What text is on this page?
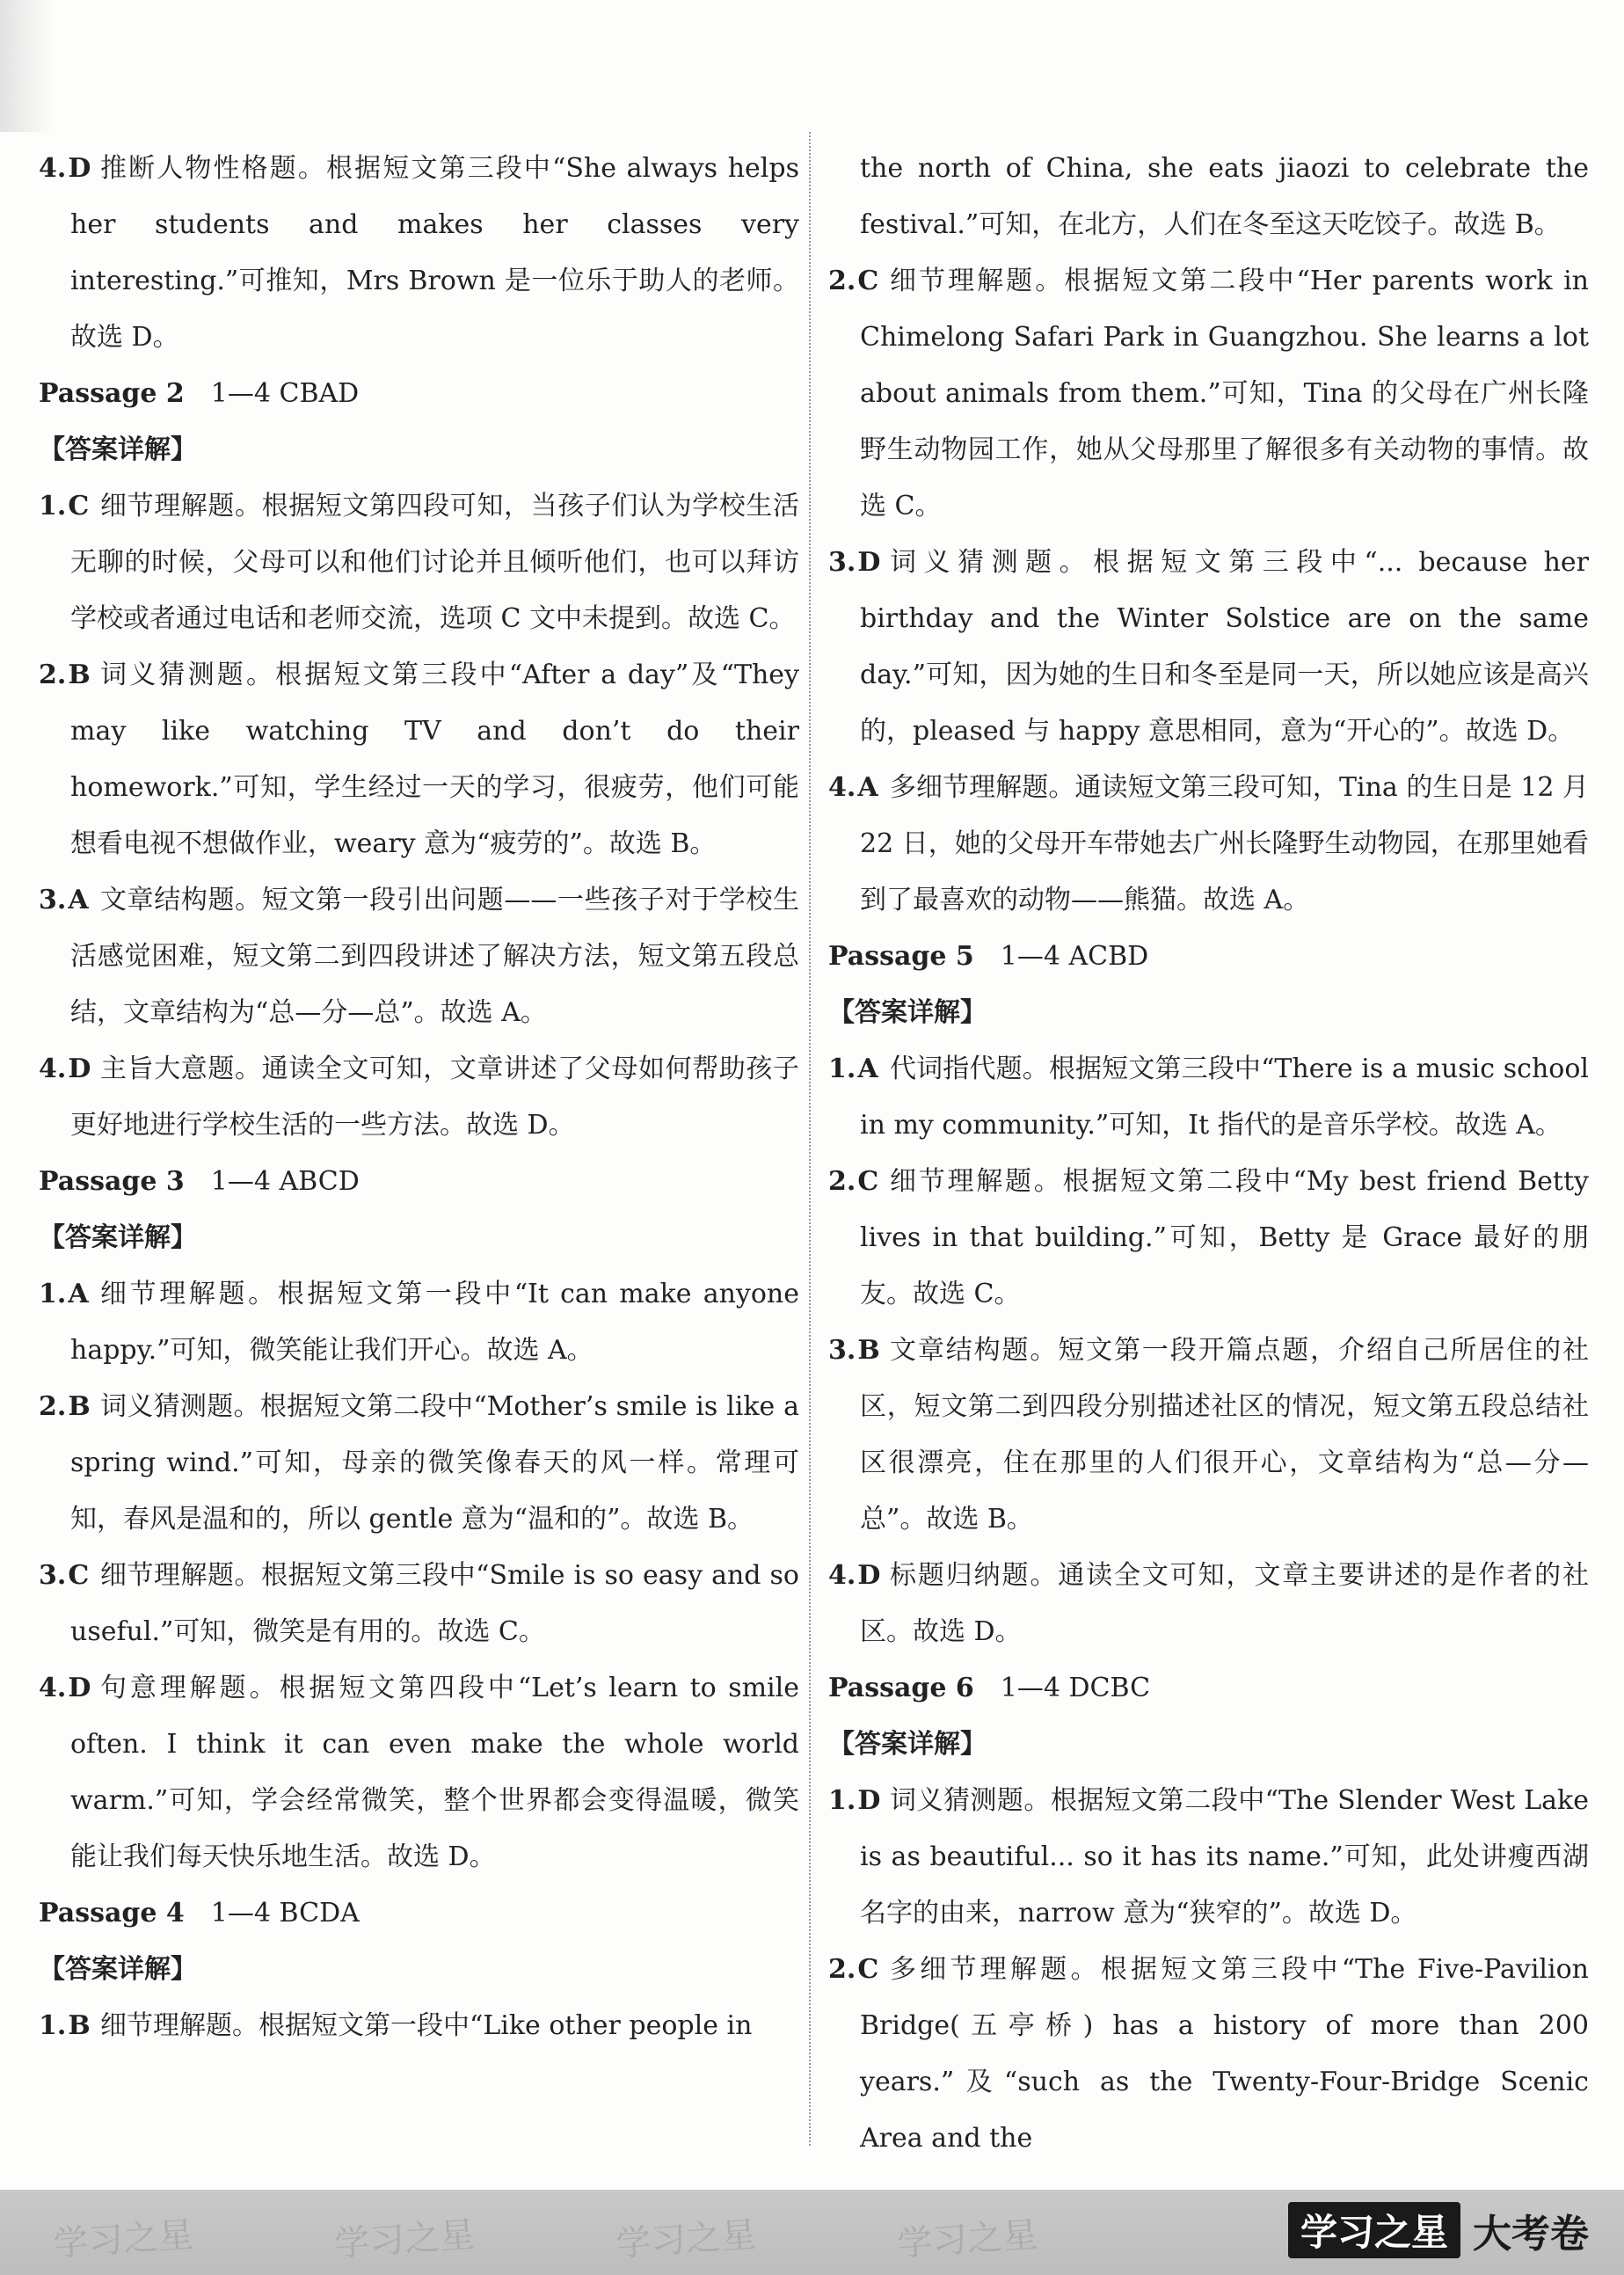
4.D 推断人物性格题。根据短文第三段中“She always helps her students and makes her classes very interesting.”可推知，Mrs Brown 是一位乐于助人的老师。故选 D。
Passage 2 1—4 CBAD
【答案详解】
1.C 细节理解题。根据短文第四段可知，当孩子们认为学校生活无聊的时候，父母可以和他们讨论并且倾听他们，也可以拜访学校或者通过电话和老师交流，选项 C 文中未提到。故选 C。
2.B 词义猜测题。根据短文第三段中“After a day”及“They may like watching TV and don’t do their homework.”可知，学生经过一天的学习，很疲劳，他们可能想看电视不想做作业，weary 意为“疲劳的”。故选 B。
3.A 文章结构题。短文第一段引出问题——一些孩子对于学校生活感觉困难，短文第二到四段讲述了解决方法，短文第五段总结，文章结构为“总—分—总”。故选 A。
4.D 主旨大意题。通读全文可知，文章讲述了父母如何帮助孩子更好地进行学校生活的一些方法。故选 D。
Passage 3 1—4 ABCD
【答案详解】
1.A 细节理解题。根据短文第一段中“It can make anyone happy.”可知，微笑能让我们开心。故选 A。
2.B 词义猜测题。根据短文第二段中“Mother’s smile is like a spring wind.”可知，母亲的微笑像春天的风一样。常理可知，春风是温和的，所以 gentle 意为“温和的”。故选 B。
3.C 细节理解题。根据短文第三段中“Smile is so easy and so useful.”可知，微笑是有用的。故选 C。
4.D 句意理解题。根据短文第四段中“Let’s learn to smile often. I think it can even make the whole world warm.”可知，学会经常微笑，整个世界都会变得温暖，微笑能让我们每天快乐地生活。故选 D。
Passage 4 1—4 BCDA
【答案详解】
1.B 细节理解题。根据短文第一段中“Like other people in
the north of China, she eats jiaozi to celebrate the festival.”可知，在北方，人们在冬至这天吃饺子。故选 B。
2.C 细节理解题。根据短文第二段中“Her parents work in Chimelong Safari Park in Guangzhou. She learns a lot about animals from them.”可知，Tina 的父母在广州长隆野生动物园工作，她从父母那里了解很多有关动物的事情。故选 C。
3.D 词义猜测题。根据短文第三段中“... because her birthday and the Winter Solstice are on the same day.”可知，因为她的生日和冬至是同一天，所以她应该是高兴的，pleased 与 happy 意思相同，意为“开心的”。故选 D。
4.A 多细节理解题。通读短文第三段可知，Tina 的生日是 12 月 22 日，她的父母开车带她去广州长隆野生动物园，在那里她看到了最喜欢的动物——熊猫。故选 A。
Passage 5 1—4 ACBD
【答案详解】
1.A 代词指代题。根据短文第三段中“There is a music school in my community.”可知，It 指代的是音乐学校。故选 A。
2.C 细节理解题。根据短文第二段中“My best friend Betty lives in that building.”可知，Betty 是 Grace 最好的朋友。故选 C。
3.B 文章结构题。短文第一段开篇点题，介绍自己所居住的社区，短文第二到四段分别描述社区的情况，短文第五段总结社区很漂亮，住在那里的人们很开心，文章结构为“总—分—总”。故选 B。
4.D 标题归纳题。通读全文可知，文章主要讲述的是作者的社区。故选 D。
Passage 6 1—4 DCBC
【答案详解】
1.D 词义猜测题。根据短文第二段中“The Slender West Lake is as beautiful... so it has its name.”可知，此处讲瘦西湖名字的由来，narrow 意为“狭窄的”。故选 D。
2.C 多细节理解题。根据短文第三段中“The Five-Pavilion Bridge(五亭桥) has a history of more than 200 years.”及“such as the Twenty-Four-Bridge Scenic Area and the
学习之星	学习之星	学习之星	学习之星	学习之星 大考卷
